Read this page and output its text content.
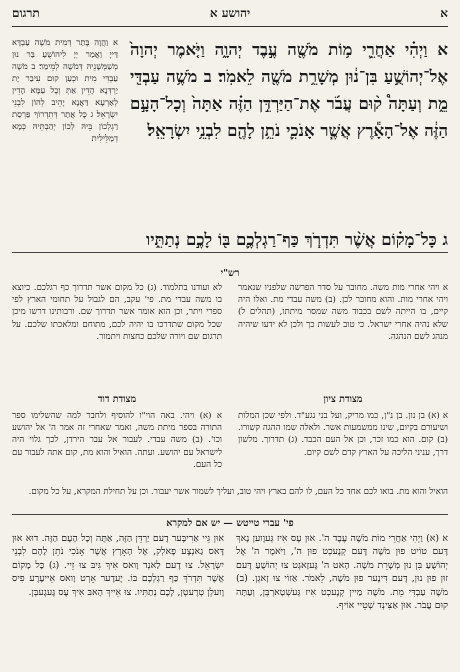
א
יהושע א
תרגום
א וַיְהִ֗י אַחֲרֵ֛י מ֥וֹת מֹשֶׁ֖ה עֶ֣בֶד יְהוָ֑ה וַיֹּ֤אמֶר יְהוָה֙ אֶל־יְהוֹשֻׁ֣עַ בִּן־נ֔וּן מְשָׁרֵ֥ת מֹשֶׁ֖ה לֵאמֹֽר׃ ב מֹשֶׁ֥ה עַבְדִּ֖י מֵ֑ת וְעַתָּה֩ ק֨וּם עֲבֹ֜ר אֶת־הַיַּרְדֵּ֣ן הַזֶּ֗ה אַתָּה֙ וְכָל־הָעָ֣ם הַזֶּ֔ה אֶל־הָאָ֕רֶץ אֲשֶׁ֧ר אָנֹכִ֛י נֹתֵ֥ן לָהֶ֖ם לִבְנֵ֥י יִשְׂרָאֵֽל׃
א וַהֲוָה בָּתַר דְּמִית מֹשֶׁה עַבְדָּא דַּייָ וַאֲמַר יְיָ לִיהוֹשֻׁעַ בַּר נוּן מְשַׁמְּשָׁנֵיהּ דְּמֹשֶׁה לְמֵימַר׃ ב מֹשֶׁה עַבְדִּי מִית וּכְעַן קוּם עִיבַר יָת יַרְדְּנָא הָדֵין אַתְּ וְכָל עַמָּא הָדֵין לְאַרְעָא דַּאֲנָא יָהֵיב לְהוֹן לִבְנֵי יִשְׂרָאֵל׃ ג כָּל אֲתַר דְּתִדְרוֹךְ פַּרְסַת רַגְלְכוֹן בֵּיהּ לְכוֹן יְהַבְתֵּיהּ כְּמָא דְמַלֵּילִית
ג כָּל־מָק֗וֹם אֲשֶׁ֨ר תִּדְרֹ֧ךְ כַּף־רַגְלְכֶ֛ם בּ֖וֹ לָכֶ֣ם נְתַתִּ֑יו
רש"י
א ויהי אחרי מות משה. מחובר על סדר הפרשה שלפניו שנאמר ויהי אחרי מות. והוא מחובר לכן. (ב) משה עבדי מת. ואלו היה קיים, בו הייתה לשם בכבוד משה שמסר מיתתו, (תהלים ל) שלא נהיה אחרי ישראל. כי טוב לעשות כך ולכן לא ידעו שיהיה מנהג לשם הנהגה.
לא ועודנו בתלמוד. (ג) כל מקום אשר תדרוך כף רגלכם. כיוצא בו משה עבדי מת. פי' עקב, הם לגבול על תחומי הארץ לפי ספרי ויתר, וכן הוא אומר אשר תדרוך שם. ורבותינו דרשו מיכן שכל מקום שתדרכו בו יהיה לכם, מתוחם ומלאכתו שלכם. על תרגום שם ויורה שלכם כחצות ויתמור.
מצודת ציון
מצודת דוד
א (א) בן נון. בן נ"ן, כמו מריק, ועל בני נגע"ד. ולפי שכן המלות ושיעורם בקיום, שינו ממשמעות אשר. ולאלה שמו ההגה קשורו. (ב) קום. הוא כמו זכר, וכן אל העם הכבד. (ג) תדרוך. מלשון דרך, עניני הליכה על הארץ קדם לשם קיום.
א (א) ויהי. באה הוי"ו להוסיף ולחבר למה שהשלימו ספר התורה בספר מיתת משה, ואמר שאחרי זה אמר ה' אל יהושע וכו'. (ב) משה עבדי. לעבור אל עבר הירדן, לכך גלוי היה לישראל עם יהושע. ועתה. הואיל והוא מת, קום אתה לעבור עם כל העם.
הואיל והוא מת. בואו לכם אחד כל העם, לו להם בארץ ויהי טוב, ועליך לשמור אשר יעבור. וכן על תחילת המקרא, על כל מקום.
פי' עברי טייטש — יש אם למקרא
א (א) וַיְהִי אַחֲרֵי מוֹת מֹשֶׁה עֶבֶד ה'. אוּן עֶס אִיז גְּעוֶוען נָאךְ דֶּעם טוֹיט פוּן מֹשֶׁה דֶּעם קְנֶעכְט פוּן ה', וַיֹּאמֶר ה' אֶל יְהוֹשֻׁעַ בִּן נוּן מְשָׁרֵת מֹשֶׁה. הָאט ה' גֶּעזָאגְט צוּ יְהוֹשֻׁעַ דֶּעם זוּן פוּן נוּן, דֶּעם דִּינֶער פוּן מֹשֶׁה, לֵאמֹר. אַזוֹי צוּ זָאגְן. (ב) מֹשֶׁה עַבְדִּי מֵת. מֹשֶׁה מַיין קְנֶעכְט אִיז גְּעשְׁטָארְבְּן, וְעַתָּה קוּם עֲבֹר. אוּן אַצִּינְד שְׁטֵיי אוֹיף.
אוּן גֵּיי אַרִיבֶּער דֶעם יַרְדֵּן הַזֶּה, אַתָּה וְכָל הָעָם הַזֶּה. דוּא אוּן דָּאס גַאנְצֶע פָאלְק, אֶל הָאָרֶץ אֲשֶׁר אָנֹכִי נֹתֵן לָהֶם לִבְנֵי יִשְׂרָאֵל. צוּ דֶעם לַאנְד וָואס אִיךְ גִּיבּ צוּ זֵיי. (ג) כָּל מָקוֹם אֲשֶׁר תִּדְרֹךְ כַּף רַגְלְכֶם בּוֹ. יֶעדֶער אָרְט וָואס אֵייעֶרֶע פִיס וֶועלְן טְרֶעטְן, לָכֶם נְתַתִּיו. צוּ אֵייךְ הָאבּ אִיךְ עֶס גֶּעגֶעבְּן.
